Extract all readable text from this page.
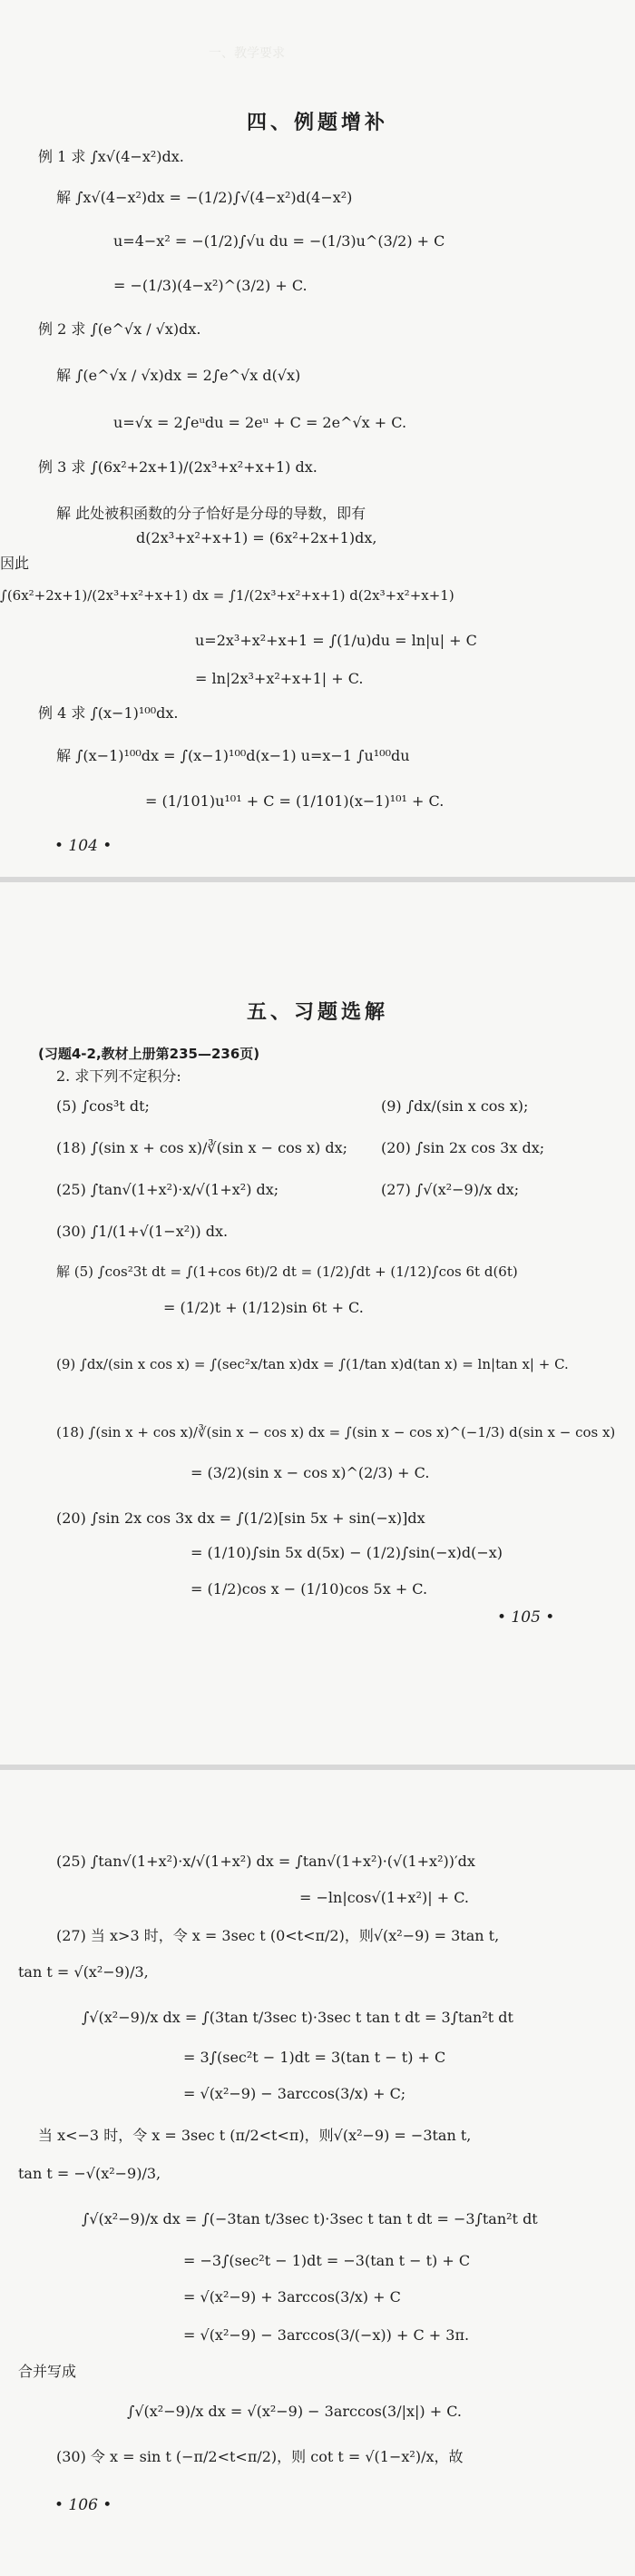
一、教学要求
四、例题增补
例 1 求 ∫x√(4−x²)dx.
解 ∫x√(4−x²)dx = −(1/2)∫√(4−x²)d(4−x²)
u=4−x² = −(1/2)∫√u du = −(1/3)u^(3/2) + C
= −(1/3)(4−x²)^(3/2) + C.
例 2 求 ∫(e^√x / √x)dx.
解 ∫(e^√x / √x)dx = 2∫e^√x d(√x)
u=√x = 2∫eᵘdu = 2eᵘ + C = 2e^√x + C.
例 3 求 ∫(6x²+2x+1)/(2x³+x²+x+1) dx.
解 此处被积函数的分子恰好是分母的导数，即有
d(2x³+x²+x+1) = (6x²+2x+1)dx,
因此
∫(6x²+2x+1)/(2x³+x²+x+1) dx = ∫1/(2x³+x²+x+1) d(2x³+x²+x+1)
u=2x³+x²+x+1 = ∫(1/u)du = ln|u| + C
= ln|2x³+x²+x+1| + C.
例 4 求 ∫(x−1)¹⁰⁰dx.
解 ∫(x−1)¹⁰⁰dx = ∫(x−1)¹⁰⁰d(x−1) u=x−1 ∫u¹⁰⁰du
= (1/101)u¹⁰¹ + C = (1/101)(x−1)¹⁰¹ + C.
• 104 •
五、习题选解
(习题4-2,教材上册第235—236页)
2. 求下列不定积分:
(5) ∫cos³t dt;
(18) ∫(sin x + cos x)/∛(sin x − cos x) dx;
(25) ∫tan√(1+x²)·x/√(1+x²) dx;
(30) ∫1/(1+√(1−x²)) dx.
(9) ∫dx/(sin x cos x);
(20) ∫sin 2x cos 3x dx;
(27) ∫√(x²−9)/x dx;
解 (5) ∫cos²3t dt = ∫(1+cos 6t)/2 dt = (1/2)∫dt + (1/12)∫cos 6t d(6t)
= (1/2)t + (1/12)sin 6t + C.
(9) ∫dx/(sin x cos x) = ∫(sec²x/tan x)dx = ∫(1/tan x)d(tan x) = ln|tan x| + C.
(18) ∫(sin x + cos x)/∛(sin x − cos x) dx = ∫(sin x − cos x)^(−1/3) d(sin x − cos x)
= (3/2)(sin x − cos x)^(2/3) + C.
(20) ∫sin 2x cos 3x dx = ∫(1/2)[sin 5x + sin(−x)]dx
= (1/10)∫sin 5x d(5x) − (1/2)∫sin(−x)d(−x)
= (1/2)cos x − (1/10)cos 5x + C.
• 105 •
(25) ∫tan√(1+x²)·x/√(1+x²) dx = ∫tan√(1+x²)·(√(1+x²))′dx
= −ln|cos√(1+x²)| + C.
(27) 当 x>3 时，令 x = 3sec t (0<t<π/2)，则√(x²−9) = 3tan t,
tan t = √(x²−9)/3,
∫√(x²−9)/x dx = ∫(3tan t/3sec t)·3sec t tan t dt = 3∫tan²t dt
= 3∫(sec²t − 1)dt = 3(tan t − t) + C
= √(x²−9) − 3arccos(3/x) + C;
当 x<−3 时，令 x = 3sec t (π/2<t<π)，则√(x²−9) = −3tan t,
tan t = −√(x²−9)/3,
∫√(x²−9)/x dx = ∫(−3tan t/3sec t)·3sec t tan t dt = −3∫tan²t dt
= −3∫(sec²t − 1)dt = −3(tan t − t) + C
= √(x²−9) + 3arccos(3/x) + C
= √(x²−9) − 3arccos(3/(−x)) + C + 3π.
合并写成
∫√(x²−9)/x dx = √(x²−9) − 3arccos(3/|x|) + C.
(30) 令 x = sin t (−π/2<t<π/2)，则 cot t = √(1−x²)/x，故
• 106 •
